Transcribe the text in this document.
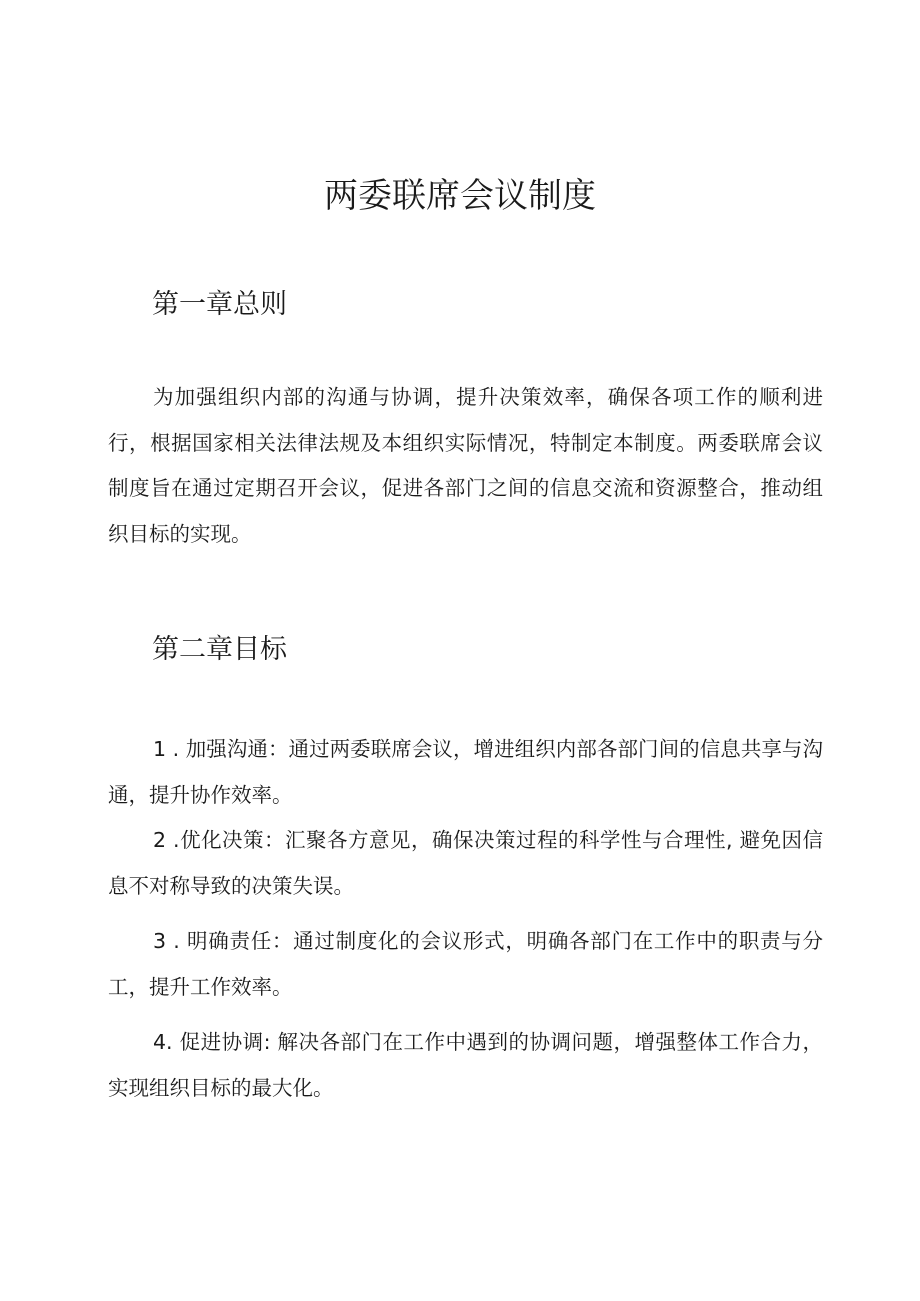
两委联席会议制度
第一章总则

为加强组织内部的沟通与协调，提升决策效率，确保各项工作的顺利进行，根据国家相关法律法规及本组织实际情况，特制定本制度。两委联席会议制度旨在通过定期召开会议，促进各部门之间的信息交流和资源整合，推动组织目标的实现。

第二章目标

1 . 加强沟通：通过两委联席会议，增进组织内部各部门间的信息共享与沟通，提升协作效率。

2 .优化决策：汇聚各方意见，确保决策过程的科学性与合理性, 避免因信息不对称导致的决策失误。

3 . 明确责任：通过制度化的会议形式，明确各部门在工作中的职责与分工，提升工作效率。

4. 促进协调: 解决各部门在工作中遇到的协调问题，增强整体工作合力，实现组织目标的最大化。
